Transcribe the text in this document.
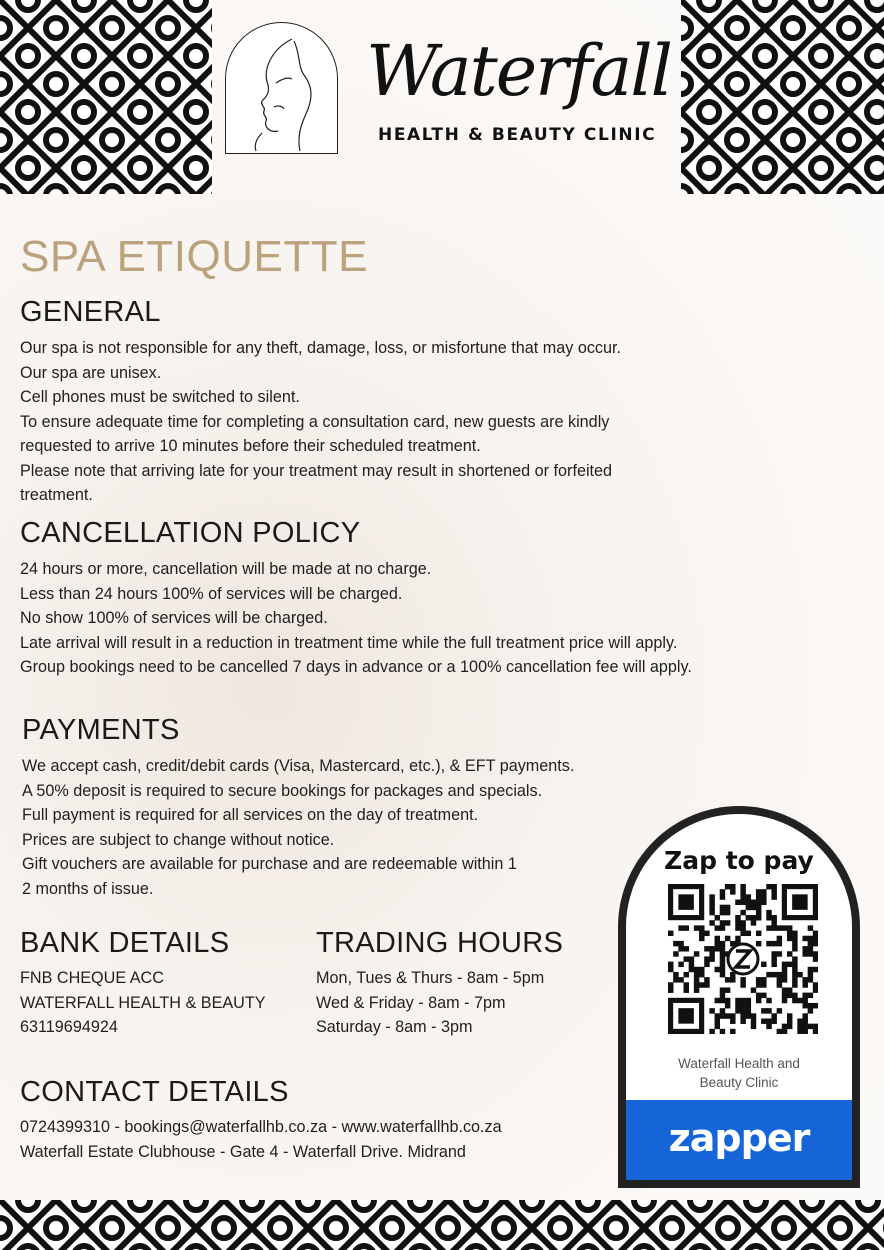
Waterfall
HEALTH & BEAUTY CLINIC
SPA ETIQUETTE
GENERAL
Our spa is not responsible for any theft, damage, loss, or misfortune that may occur.
Our spa are unisex.
Cell phones must be switched to silent.
To ensure adequate time for completing a consultation card, new guests are kindly
requested to arrive 10 minutes before their scheduled treatment.
Please note that arriving late for your treatment may result in shortened or forfeited
treatment.
CANCELLATION POLICY
24 hours or more, cancellation will be made at no charge.
Less than 24 hours 100% of services will be charged.
No show 100% of services will be charged.
Late arrival will result in a reduction in treatment time while the full treatment price will apply.
Group bookings need to be cancelled 7 days in advance or a 100% cancellation fee will apply.
PAYMENTS
We accept cash, credit/debit cards (Visa, Mastercard, etc.), & EFT payments.
A 50% deposit is required to secure bookings for packages and specials.
Full payment is required for all services on the day of treatment.
Prices are subject to change without notice.
Gift vouchers are available for purchase and are redeemable within 1
2 months of issue.
BANK DETAILS
FNB CHEQUE ACC
WATERFALL HEALTH & BEAUTY
63119694924
TRADING HOURS
Mon, Tues & Thurs - 8am - 5pm
Wed & Friday - 8am - 7pm
Saturday - 8am - 3pm
CONTACT DETAILS
0724399310 - bookings@waterfallhb.co.za - www.waterfallhb.co.za
Waterfall Estate Clubhouse - Gate 4 - Waterfall Drive. Midrand
Zap to pay
Waterfall Health and
Beauty Clinic
zapper
